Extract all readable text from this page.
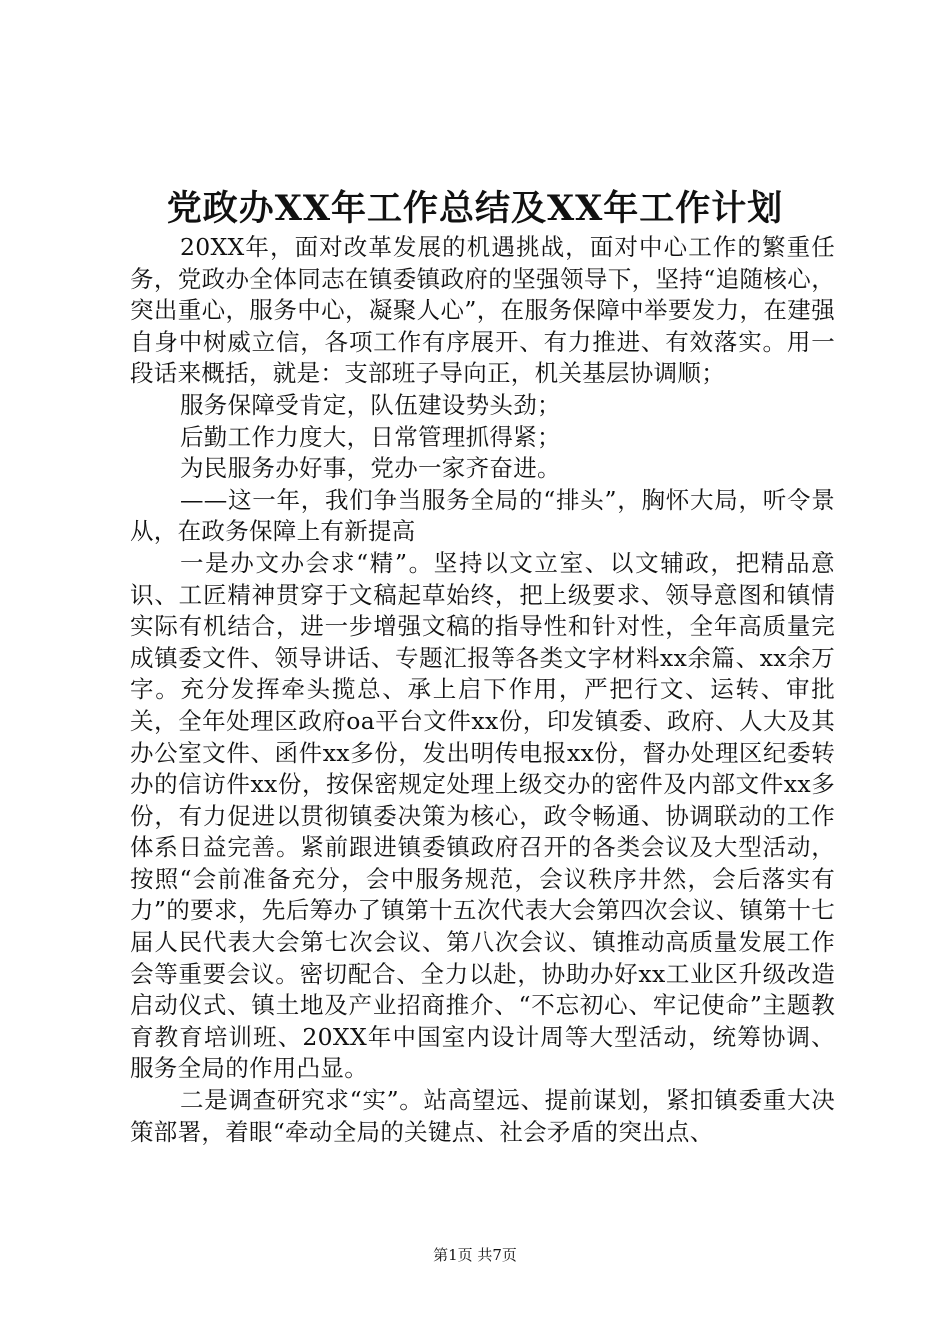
党政办XX年工作总结及XX年工作计划

20XX年，面对改革发展的机遇挑战，面对中心工作的繁重任务，党政办全体同志在镇委镇政府的坚强领导下，坚持“追随核心，突出重心，服务中心，凝聚人心”，在服务保障中举要发力，在建强自身中树威立信，各项工作有序展开、有力推进、有效落实。用一段话来概括，就是：支部班子导向正，机关基层协调顺；

服务保障受肯定，队伍建设势头劲；

后勤工作力度大，日常管理抓得紧；

为民服务办好事，党办一家齐奋进。

——这一年，我们争当服务全局的“排头”，胸怀大局，听令景从，在政务保障上有新提高

一是办文办会求“精”。坚持以文立室、以文辅政，把精品意识、工匠精神贯穿于文稿起草始终，把上级要求、领导意图和镇情实际有机结合，进一步增强文稿的指导性和针对性，全年高质量完成镇委文件、领导讲话、专题汇报等各类文字材料xx余篇、xx余万字。充分发挥牵头揽总、承上启下作用，严把行文、运转、审批关，全年处理区政府oa平台文件xx份，印发镇委、政府、人大及其办公室文件、函件xx多份，发出明传电报xx份，督办处理区纪委转办的信访件xx份，按保密规定处理上级交办的密件及内部文件xx多份，有力促进以贯彻镇委决策为核心，政令畅通、协调联动的工作体系日益完善。紧前跟进镇委镇政府召开的各类会议及大型活动，按照“会前准备充分，会中服务规范，会议秩序井然，会后落实有力”的要求，先后筹办了镇第十五次代表大会第四次会议、镇第十七届人民代表大会第七次会议、第八次会议、镇推动高质量发展工作会等重要会议。密切配合、全力以赴，协助办好xx工业区升级改造启动仪式、镇土地及产业招商推介、“不忘初心、牢记使命”主题教育教育培训班、20XX年中国室内设计周等大型活动，统筹协调、服务全局的作用凸显。

二是调查研究求“实”。站高望远、提前谋划，紧扣镇委重大决策部署，着眼“牵动全局的关键点、社会矛盾的突出点、

第1页 共7页
